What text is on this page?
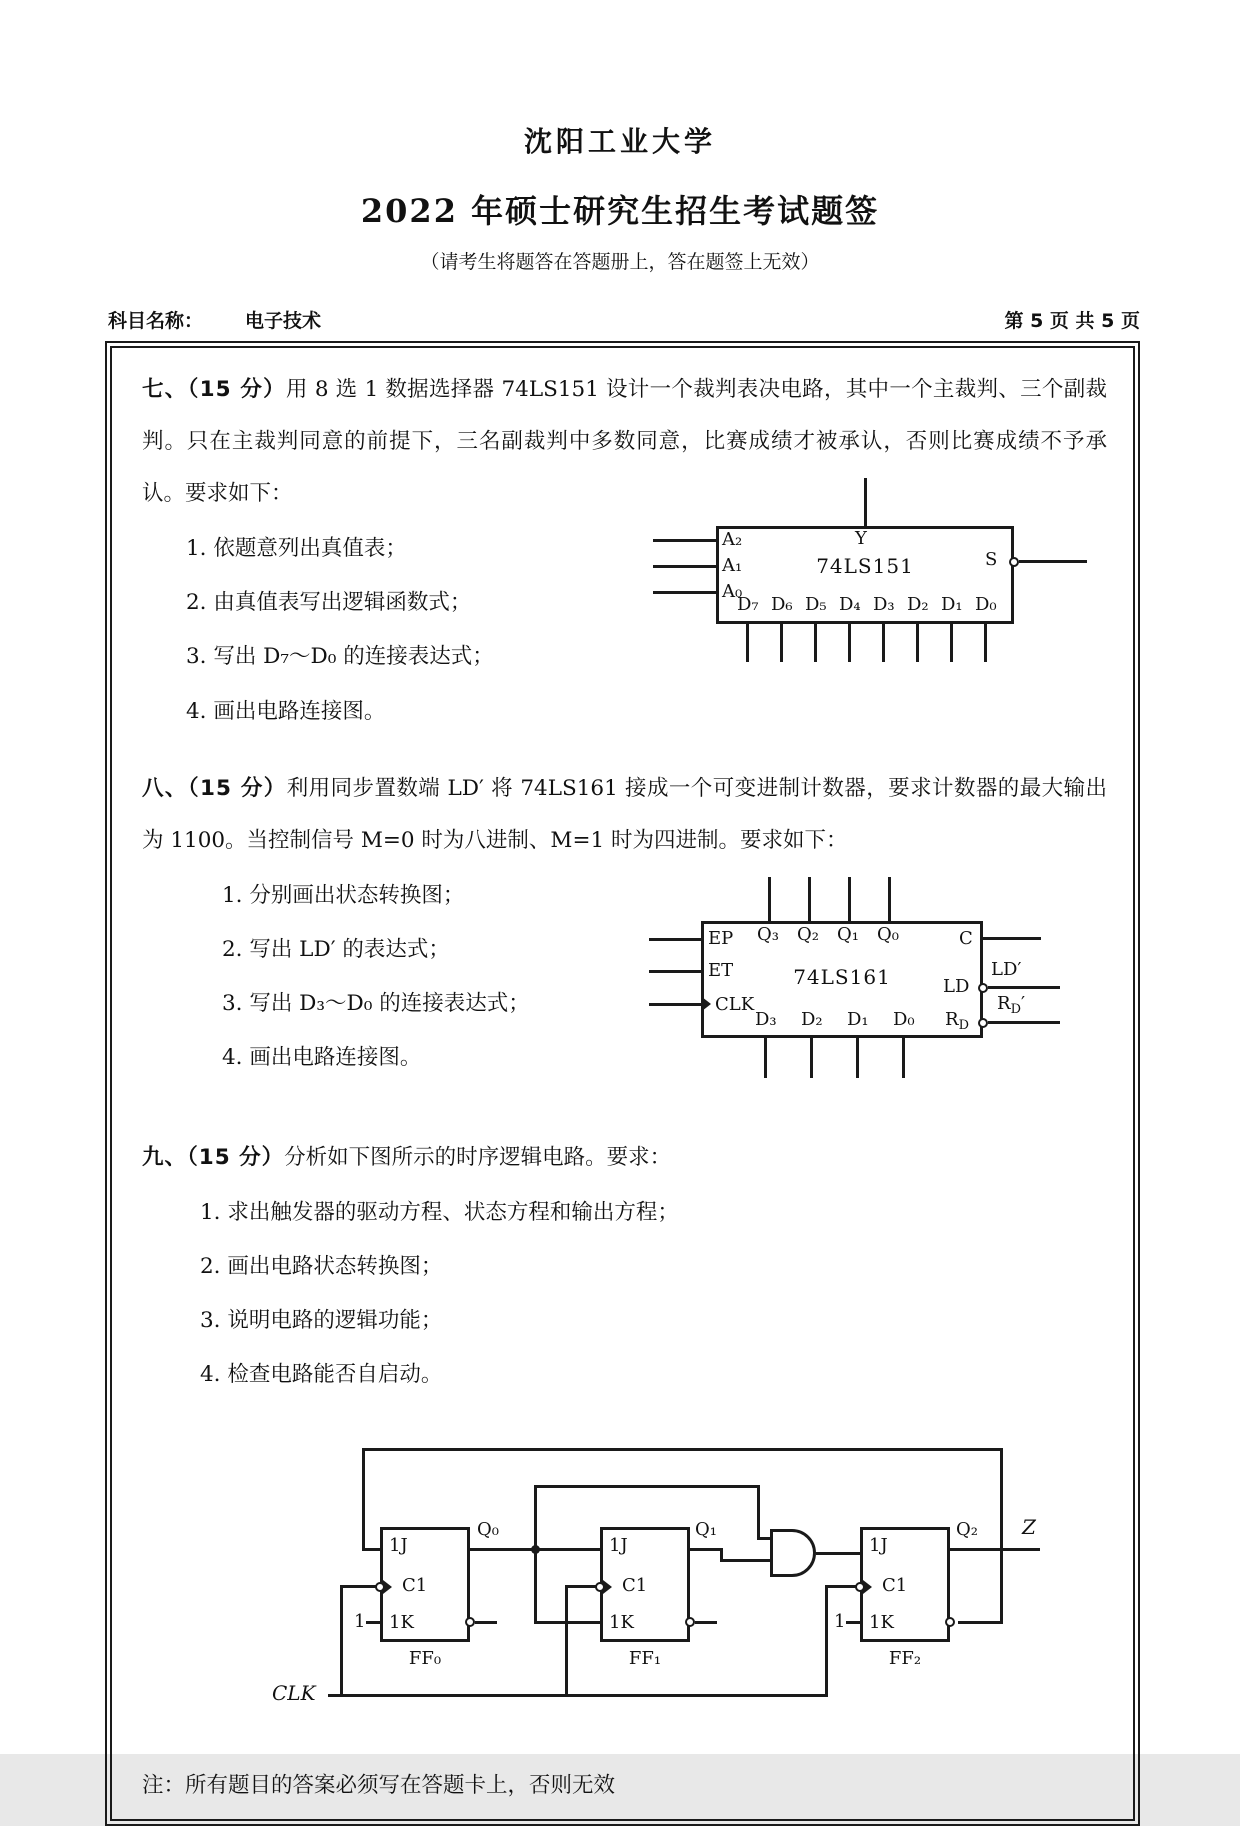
沈阳工业大学
2022 年硕士研究生招生考试题签
（请考生将题答在答题册上，答在题签上无效）
科目名称： 电子技术	第 5 页 共 5 页
七、（15 分）用 8 选 1 数据选择器 74LS151 设计一个裁判表决电路，其中一个主裁判、三个副裁判。只在主裁判同意的前提下，三名副裁判中多数同意，比赛成绩才被承认，否则比赛成绩不予承认。要求如下：
1. 依题意列出真值表；
2. 由真值表写出逻辑函数式；
3. 写出 D₇～D₀ 的连接表达式；
4. 画出电路连接图。
Y
74LS151
A₂
A₁
A₀
S
D₇ D₆ D₅ D₄ D₃ D₂ D₁ D₀
八、（15 分）利用同步置数端 LD′ 将 74LS161 接成一个可变进制计数器，要求计数器的最大输出为 1100。当控制信号 M=0 时为八进制、M=1 时为四进制。要求如下：
1. 分别画出状态转换图；
2. 写出 LD′ 的表达式；
3. 写出 D₃～D₀ 的连接表达式；
4. 画出电路连接图。
Q₃ Q₂ Q₁ Q₀	C
EP
ET
CLK
74LS161	LD
LD′
$R_D$
$R_D'$
D₃ D₂ D₁ D₀
九、（15 分）分析如下图所示的时序逻辑电路。要求：
1. 求出触发器的驱动方程、状态方程和输出方程；
2. 画出电路状态转换图；
3. 说明电路的逻辑功能；
4. 检查电路能否自启动。
1J
C1
1K
1
FF₀
1J
C1
1K
FF₁
1J
C1
1K
1
FF₂
Q₀	Q₁	Q₂ Z
CLK
注：所有题目的答案必须写在答题卡上，否则无效
